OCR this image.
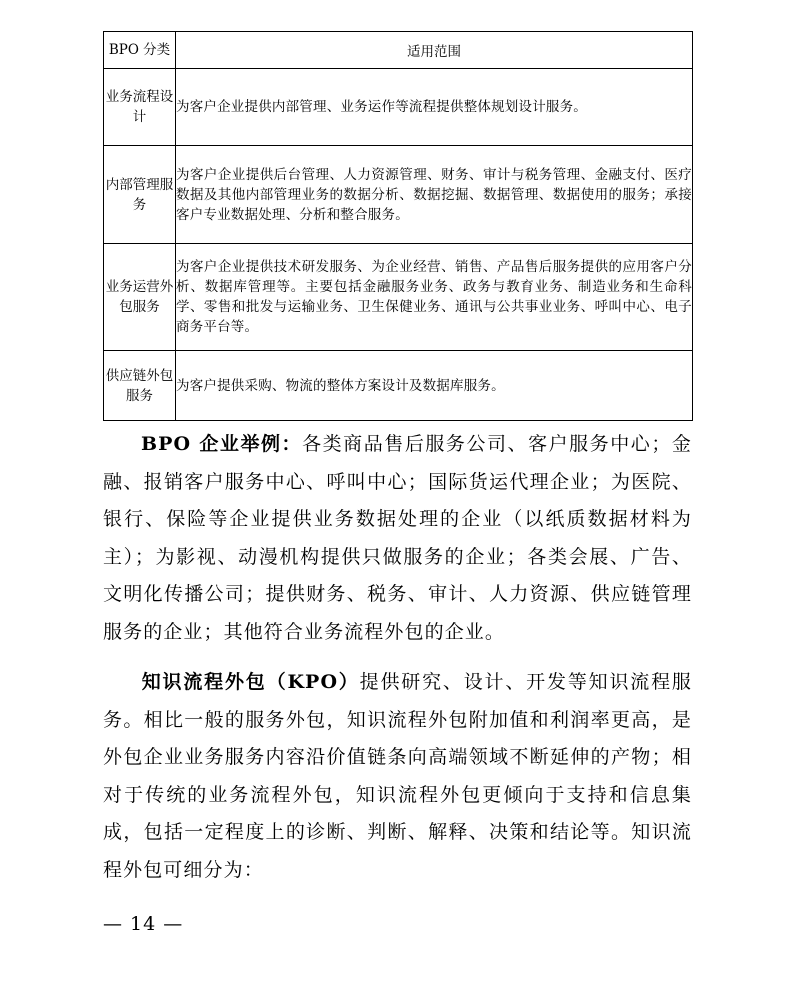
BPO 分类	适用范围
业务流程设计	为客户企业提供内部管理、业务运作等流程提供整体规划设计服务。
内部管理服务	为客户企业提供后台管理、人力资源管理、财务、审计与税务管理、金融支付、医疗数据及其他内部管理业务的数据分析、数据挖掘、数据管理、数据使用的服务；承接客户专业数据处理、分析和整合服务。
业务运营外包服务	为客户企业提供技术研发服务、为企业经营、销售、产品售后服务提供的应用客户分析、数据库管理等。主要包括金融服务业务、政务与教育业务、制造业务和生命科学、零售和批发与运输业务、卫生保健业务、通讯与公共事业业务、呼叫中心、电子商务平台等。
供应链外包服务	为客户提供采购、物流的整体方案设计及数据库服务。

BPO 企业举例：各类商品售后服务公司、客户服务中心；金融、报销客户服务中心、呼叫中心；国际货运代理企业；为医院、银行、保险等企业提供业务数据处理的企业（以纸质数据材料为主）；为影视、动漫机构提供只做服务的企业；各类会展、广告、文明化传播公司；提供财务、税务、审计、人力资源、供应链管理服务的企业；其他符合业务流程外包的企业。

知识流程外包（KPO）提供研究、设计、开发等知识流程服务。相比一般的服务外包，知识流程外包附加值和利润率更高，是外包企业业务服务内容沿价值链条向高端领域不断延伸的产物；相对于传统的业务流程外包，知识流程外包更倾向于支持和信息集成，包括一定程度上的诊断、判断、解释、决策和结论等。知识流程外包可细分为：

— 14 —
